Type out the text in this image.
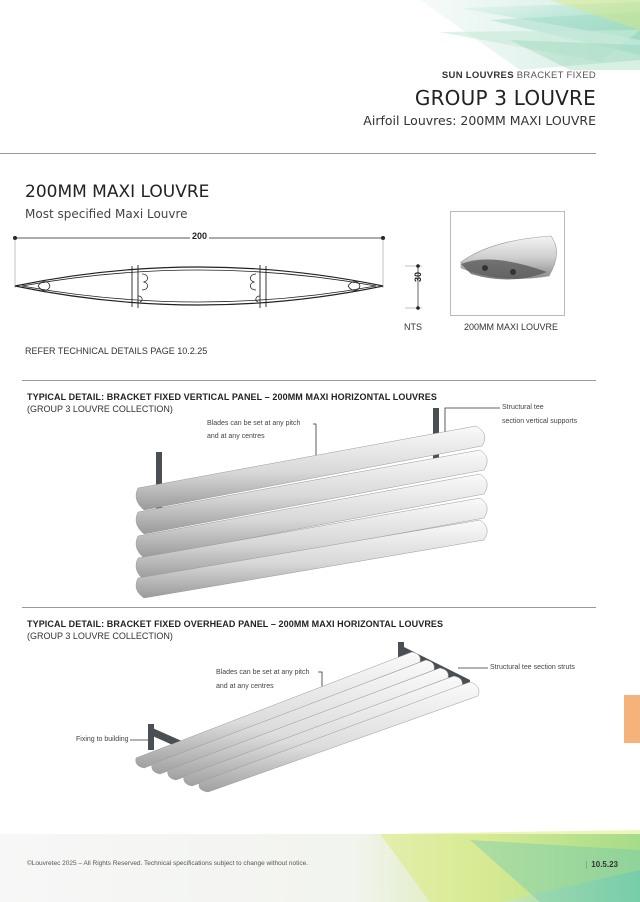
SUN LOUVRES BRACKET FIXED
GROUP 3 LOUVRE
Airfoil Louvres: 200MM MAXI LOUVRE
200MM MAXI LOUVRE
Most specified Maxi Louvre
200
30
NTS	200MM MAXI LOUVRE
REFER TECHNICAL DETAILS PAGE 10.2.25
TYPICAL DETAIL: BRACKET FIXED VERTICAL PANEL – 200MM MAXI HORIZONTAL LOUVRES
(GROUP 3 LOUVRE COLLECTION)
Blades can be set at any pitch
and at any centres
Structural tee
section vertical supports
TYPICAL DETAIL: BRACKET FIXED OVERHEAD PANEL – 200MM MAXI HORIZONTAL LOUVRES
(GROUP 3 LOUVRE COLLECTION)
Blades can be set at any pitch
and at any centres
Structural tee section struts
Fixing to building
©Louvretec 2025 – All Rights Reserved. Technical specifications subject to change without notice.	| 10.5.23
